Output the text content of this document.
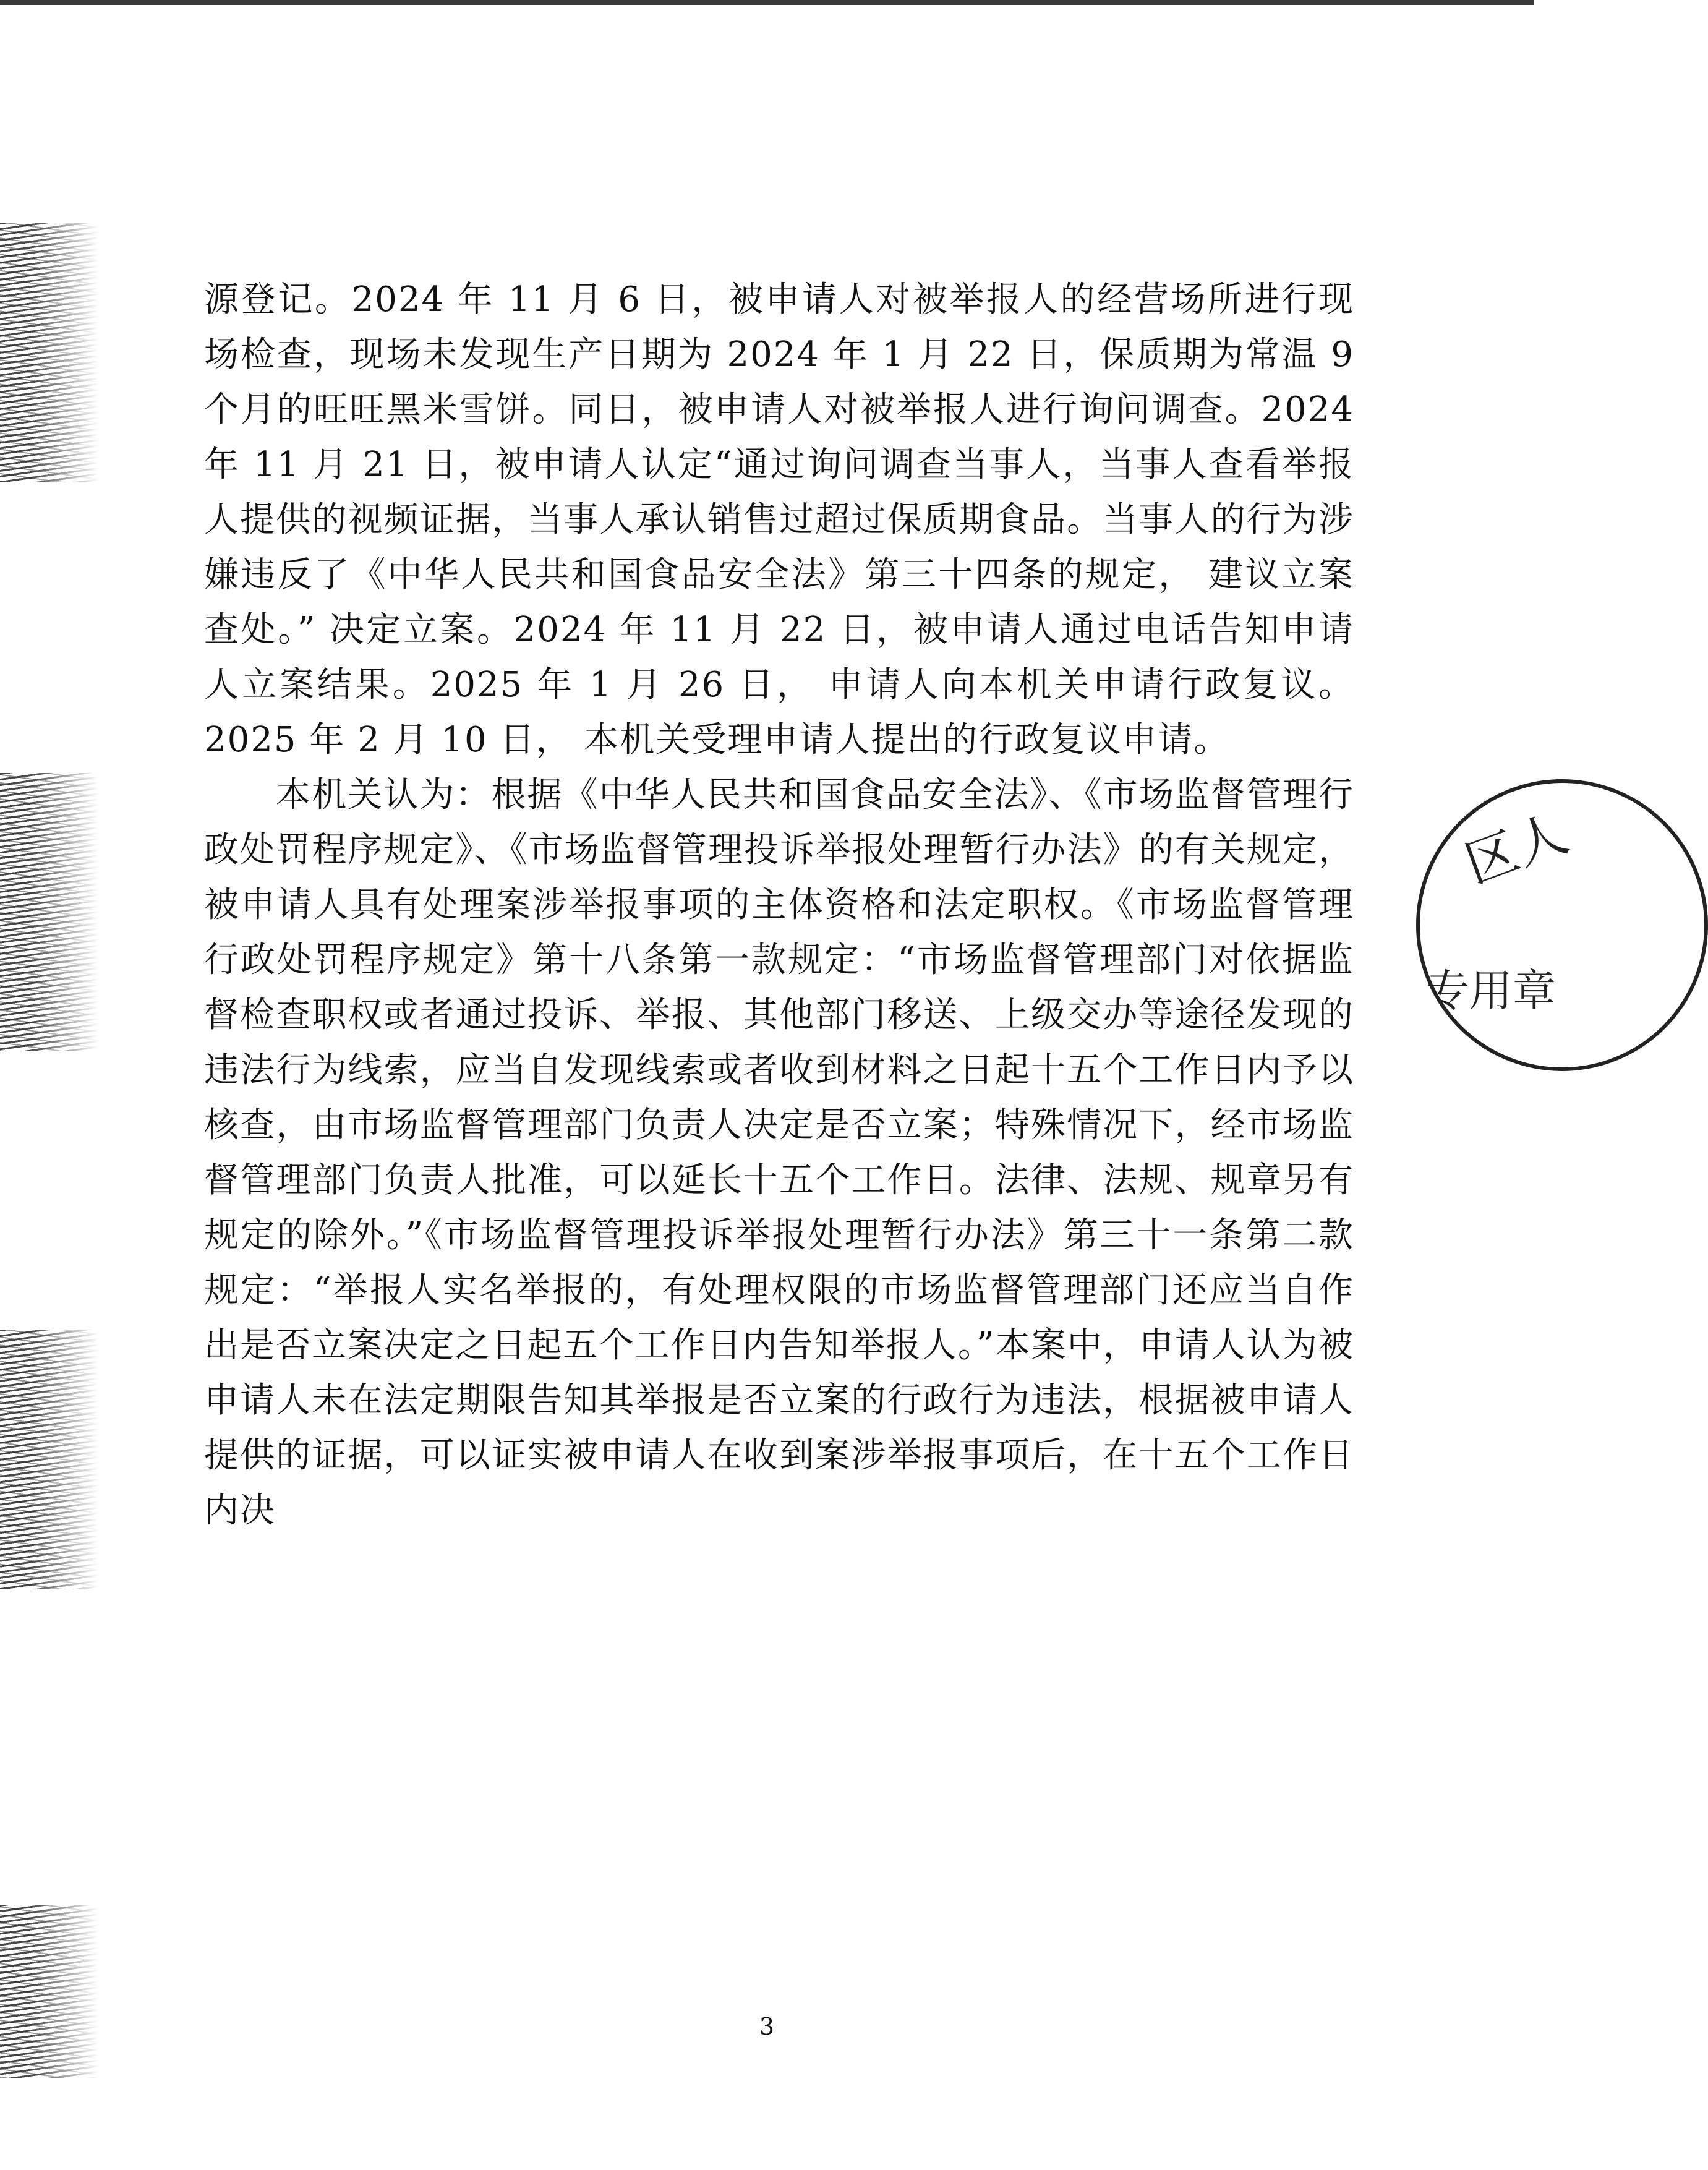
源登记。2024 年 11 月 6 日，被申请人对被举报人的经营场所进行现场检查，现场未发现生产日期为 2024 年 1 月 22 日，保质期为常温 9 个月的旺旺黑米雪饼。同日，被申请人对被举报人进行询问调查。2024 年 11 月 21 日，被申请人认定“通过询问调查当事人，当事人查看举报人提供的视频证据，当事人承认销售过超过保质期食品。当事人的行为涉嫌违反了《中华人民共和国食品安全法》第三十四条的规定， 建议立案查处。” 决定立案。2024 年 11 月 22 日，被申请人通过电话告知申请人立案结果。2025 年 1 月 26 日， 申请人向本机关申请行政复议。2025 年 2 月 10 日， 本机关受理申请人提出的行政复议申请。

本机关认为：根据《中华人民共和国食品安全法》、《市场监督管理行政处罚程序规定》、《市场监督管理投诉举报处理暂行办法》的有关规定，被申请人具有处理案涉举报事项的主体资格和法定职权。《市场监督管理行政处罚程序规定》第十八条第一款规定：“市场监督管理部门对依据监督检查职权或者通过投诉、举报、其他部门移送、上级交办等途径发现的违法行为线索，应当自发现线索或者收到材料之日起十五个工作日内予以核查，由市场监督管理部门负责人决定是否立案；特殊情况下，经市场监督管理部门负责人批准，可以延长十五个工作日。法律、法规、规章另有规定的除外。”《市场监督管理投诉举报处理暂行办法》第三十一条第二款规定：“举报人实名举报的，有处理权限的市场监督管理部门还应当自作出是否立案决定之日起五个工作日内告知举报人。”本案中，申请人认为被申请人未在法定期限告知其举报是否立案的行政行为违法，根据被申请人提供的证据，可以证实被申请人在收到案涉举报事项后，在十五个工作日内决

区人
专用章
3
